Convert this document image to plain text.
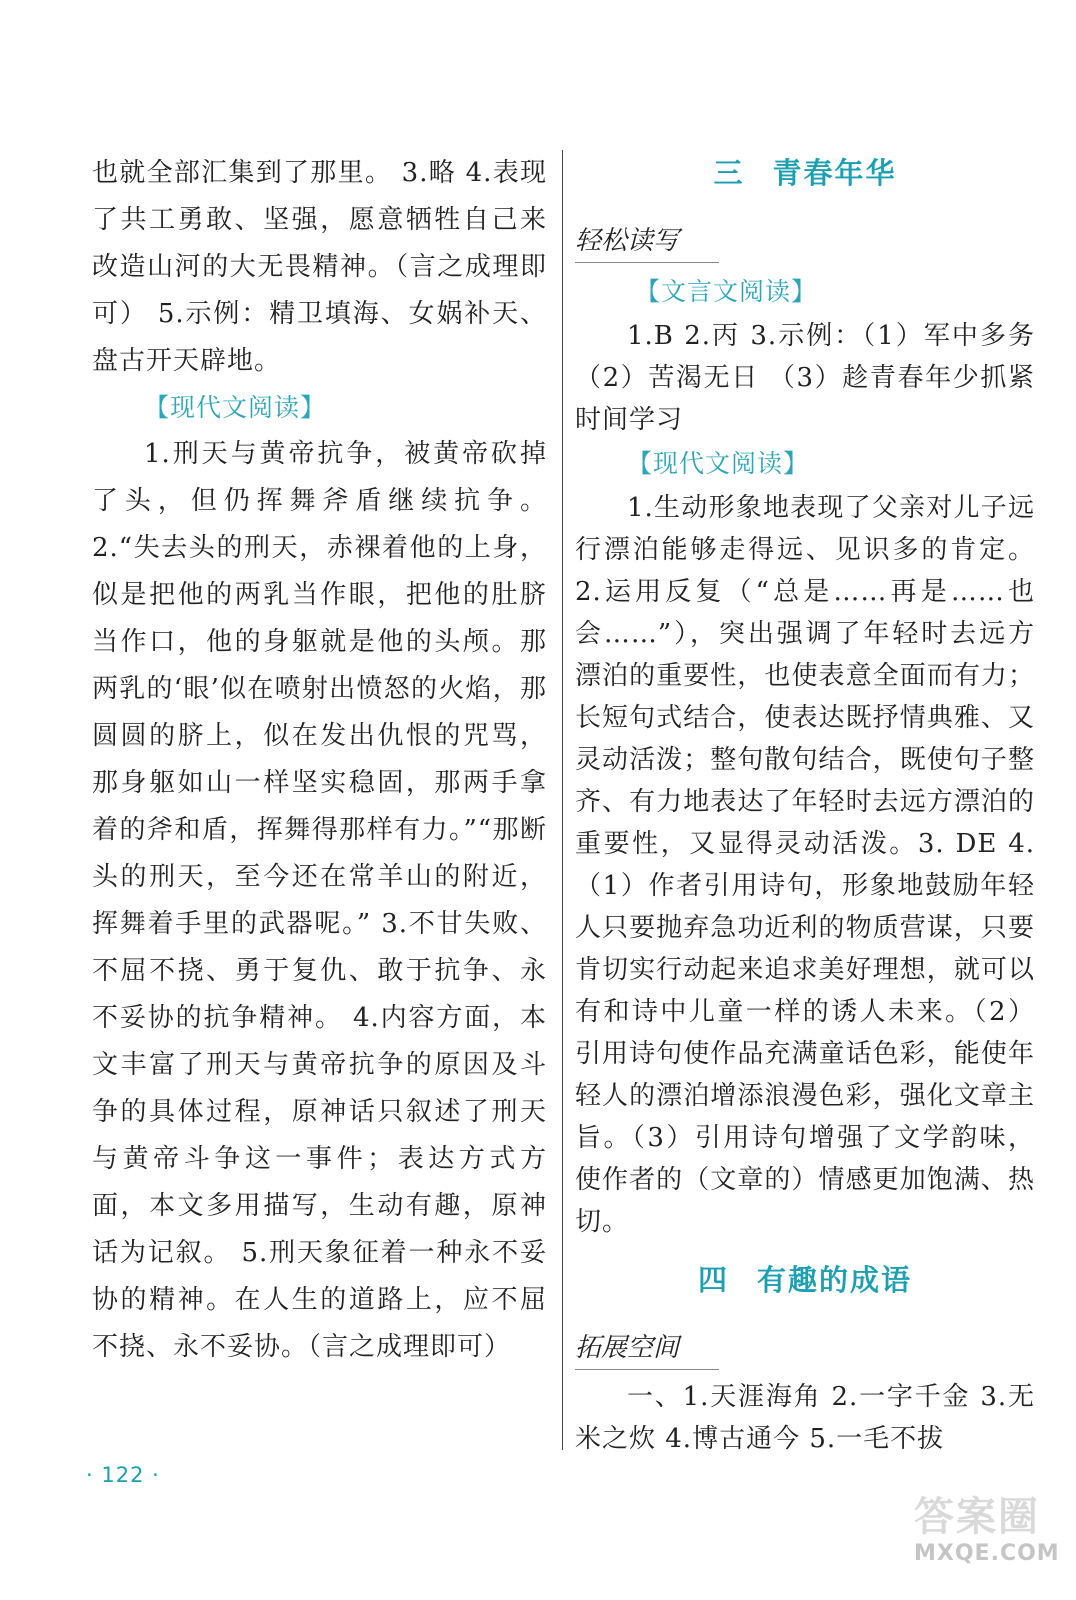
也就全部汇集到了那里。 3.略 4.表现了共工勇敢、坚强，愿意牺牲自己来改造山河的大无畏精神。（言之成理即可） 5.示例：精卫填海、女娲补天、盘古开天辟地。

【现代文阅读】

1.刑天与黄帝抗争，被黄帝砍掉了头，但仍挥舞斧盾继续抗争。 2.“失去头的刑天，赤裸着他的上身，似是把他的两乳当作眼，把他的肚脐当作口，他的身躯就是他的头颅。那两乳的‘眼’似在喷射出愤怒的火焰，那圆圆的脐上，似在发出仇恨的咒骂，那身躯如山一样坚实稳固，那两手拿着的斧和盾，挥舞得那样有力。”“那断头的刑天，至今还在常羊山的附近，挥舞着手里的武器呢。” 3.不甘失败、不屈不挠、勇于复仇、敢于抗争、永不妥协的抗争精神。 4.内容方面，本文丰富了刑天与黄帝抗争的原因及斗争的具体过程，原神话只叙述了刑天与黄帝斗争这一事件；表达方式方面，本文多用描写，生动有趣，原神话为记叙。 5.刑天象征着一种永不妥协的精神。在人生的道路上，应不屈不挠、永不妥协。（言之成理即可）

三 青春年华
轻松读写

【文言文阅读】

1.B 2.丙 3.示例：（1）军中多务（2）苦渴无日 （3）趁青春年少抓紧时间学习

【现代文阅读】

1.生动形象地表现了父亲对儿子远行漂泊能够走得远、见识多的肯定。 2.运用反复（“总是……再是……也会……”），突出强调了年轻时去远方漂泊的重要性，也使表意全面而有力；长短句式结合，使表达既抒情典雅、又灵动活泼；整句散句结合，既使句子整齐、有力地表达了年轻时去远方漂泊的重要性，又显得灵动活泼。3. DE 4.（1）作者引用诗句，形象地鼓励年轻人只要抛弃急功近利的物质营谋，只要肯切实行动起来追求美好理想，就可以有和诗中儿童一样的诱人未来。（2）引用诗句使作品充满童话色彩，能使年轻人的漂泊增添浪漫色彩，强化文章主旨。（3）引用诗句增强了文学韵味，使作者的（文章的）情感更加饱满、热切。

四 有趣的成语
拓展空间

一、1.天涯海角 2.一字千金 3.无米之炊 4.博古通今 5.一毛不拔

· 122 ·
答案圈
MXQE.COM
